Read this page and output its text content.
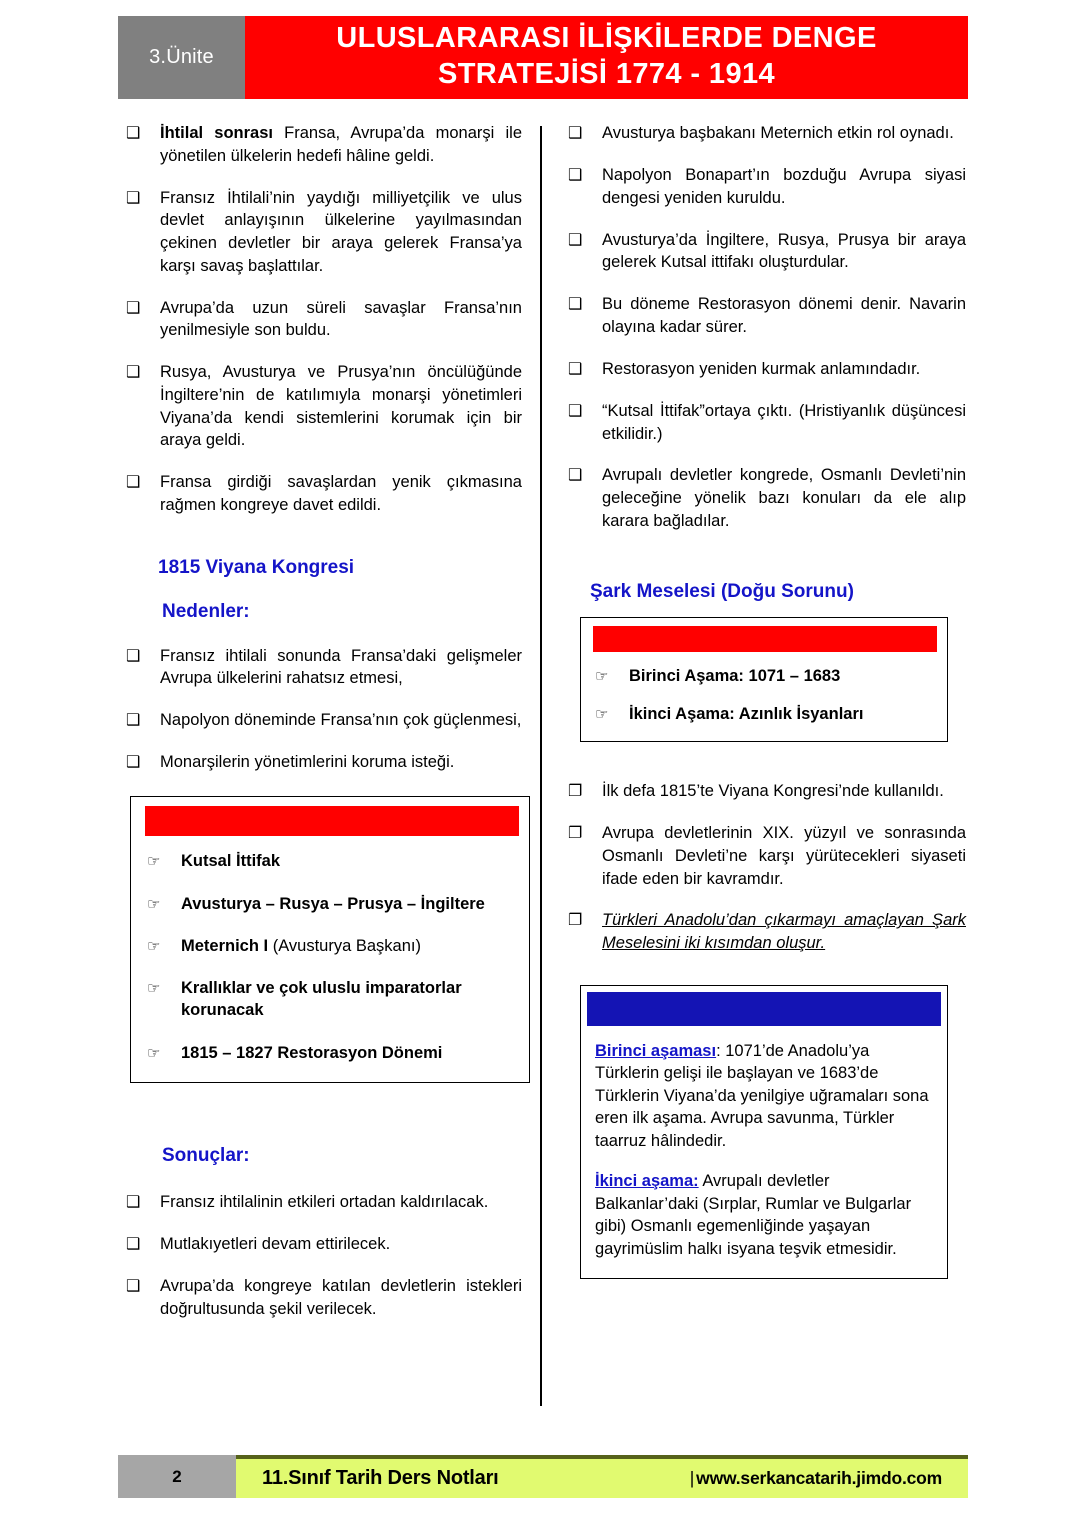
3.Ünite
ULUSLARARASI İLİŞKİLERDE DENGE
STRATEJİSİ 1774 - 1914
❑	İhtilal sonrası Fransa, Avrupa’da monarşi ile yönetilen ülkelerin hedefi hâline geldi.
❑	Fransız İhtilali’nin yaydığı milliyetçilik ve ulus devlet anlayışının ülkelerine yayılmasından çekinen devletler bir araya gelerek Fransa’ya karşı savaş başlattılar.
❑	Avrupa’da uzun süreli savaşlar Fransa’nın yenilmesiyle son buldu.
❑	Rusya, Avusturya ve Prusya’nın öncülüğünde İngiltere’nin de katılımıyla monarşi yönetimleri Viyana’da kendi sistemlerini korumak için bir araya geldi.
❑	Fransa girdiği savaşlardan yenik çıkmasına rağmen kongreye davet edildi.
1815 Viyana Kongresi
Nedenler:
❑	Fransız ihtilali sonunda Fransa’daki gelişmeler Avrupa ülkelerini rahatsız etmesi,
❑	Napolyon döneminde Fransa’nın çok güçlenmesi,
❑	Monarşilerin yönetimlerini koruma isteği.
☞	Kutsal İttifak
☞	Avusturya – Rusya – Prusya – İngiltere
☞	Meternich I (Avusturya Başkanı)
☞	Krallıklar ve çok uluslu imparatorlar korunacak
☞	1815 – 1827 Restorasyon Dönemi
Sonuçlar:
❑	Fransız ihtilalinin etkileri ortadan kaldırılacak.
❑	Mutlakıyetleri devam ettirilecek.
❑	Avrupa’da kongreye katılan devletlerin istekleri doğrultusunda şekil verilecek.
❑	Avusturya başbakanı Meternich etkin rol oynadı.
❑	Napolyon Bonapart’ın bozduğu Avrupa siyasi dengesi yeniden kuruldu.
❑	Avusturya’da İngiltere, Rusya, Prusya bir araya gelerek Kutsal ittifakı oluşturdular.
❑	Bu döneme Restorasyon dönemi denir. Navarin olayına kadar sürer.
❑	Restorasyon yeniden kurmak anlamındadır.
❑	“Kutsal İttifak”ortaya çıktı. (Hristiyanlık düşüncesi etkilidir.)
❑	Avrupalı devletler kongrede, Osmanlı Devleti’nin geleceğine yönelik bazı konuları da ele alıp karara bağladılar.
Şark Meselesi (Doğu Sorunu)
☞	Birinci Aşama: 1071 – 1683
☞	İkinci Aşama: Azınlık İsyanları
❐	İlk defa 1815’te Viyana Kongresi’nde kullanıldı.
❐	Avrupa devletlerinin XIX. yüzyıl ve sonrasında Osmanlı Devleti’ne karşı yürütecekleri siyaseti ifade eden bir kavramdır.
❐	Türkleri Anadolu’dan çıkarmayı amaçlayan Şark Meselesini iki kısımdan oluşur.

Birinci aşaması: 1071’de Anadolu’ya Türklerin gelişi ile başlayan ve 1683’de Türklerin Viyana’da yenilgiye uğramaları sona eren ilk aşama. Avrupa savunma, Türkler taarruz hâlindedir.

İkinci aşama: Avrupalı devletler Balkanlar’daki (Sırplar, Rumlar ve Bulgarlar gibi) Osmanlı egemenliğinde yaşayan gayrimüslim halkı isyana teşvik etmesidir.

2	11.Sınıf Tarih Ders Notları	| www.serkancatarih.jimdo.com
